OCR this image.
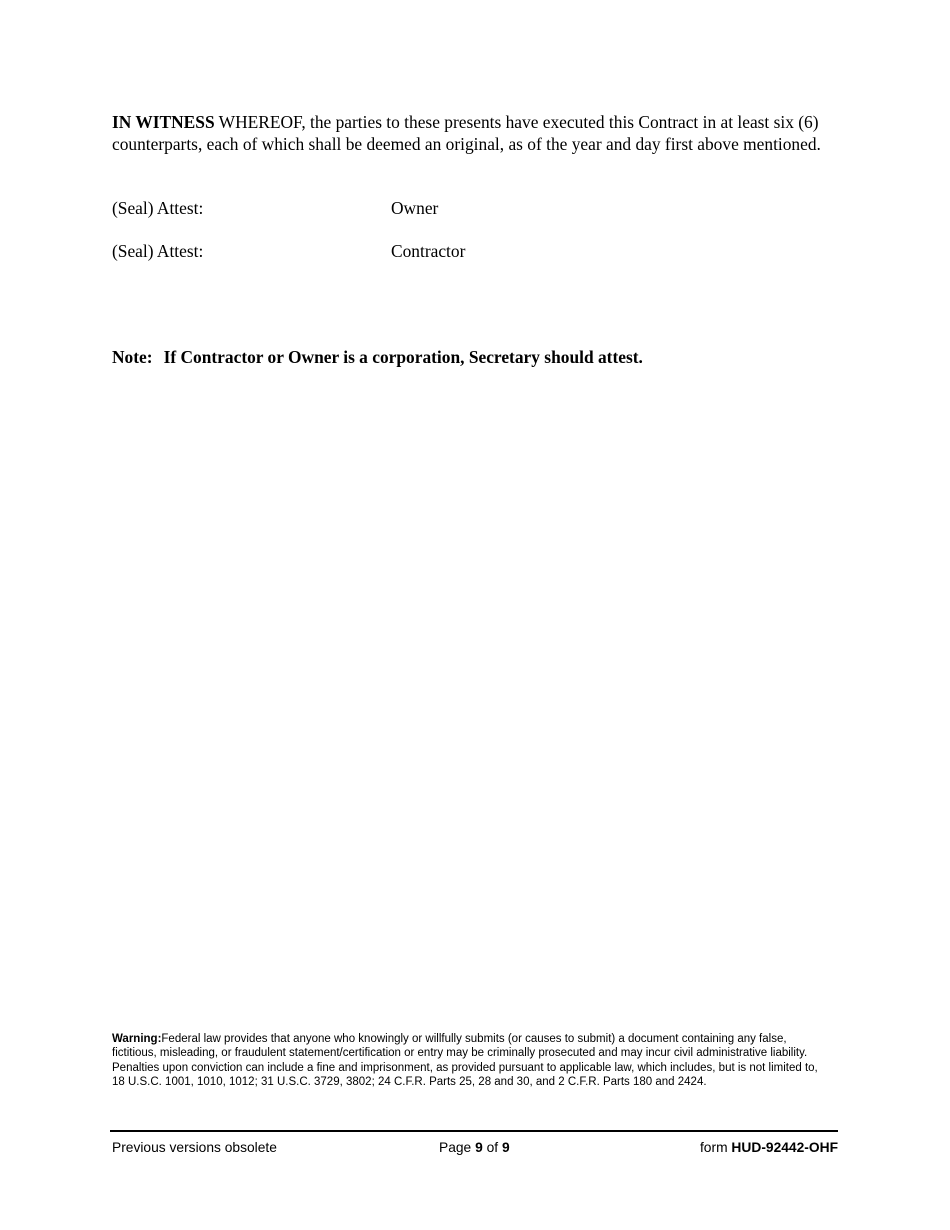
IN WITNESS WHEREOF, the parties to these presents have executed this Contract in at least six (6) counterparts, each of which shall be deemed an original, as of the year and day first above mentioned.

(Seal) Attest:	Owner
(Seal) Attest:	Contractor
Note: If Contractor or Owner is a corporation, Secretary should attest.

Warning:Federal law provides that anyone who knowingly or willfully submits (or causes to submit) a document containing any false, fictitious, misleading, or fraudulent statement/certification or entry may be criminally prosecuted and may incur civil administrative liability. Penalties upon conviction can include a fine and imprisonment, as provided pursuant to applicable law, which includes, but is not limited to, 18 U.S.C. 1001, 1010, 1012; 31 U.S.C. 3729, 3802; 24 C.F.R. Parts 25, 28 and 30, and 2 C.F.R. Parts 180 and 2424.

Previous versions obsolete	Page 9 of 9	form HUD-92442-OHF
